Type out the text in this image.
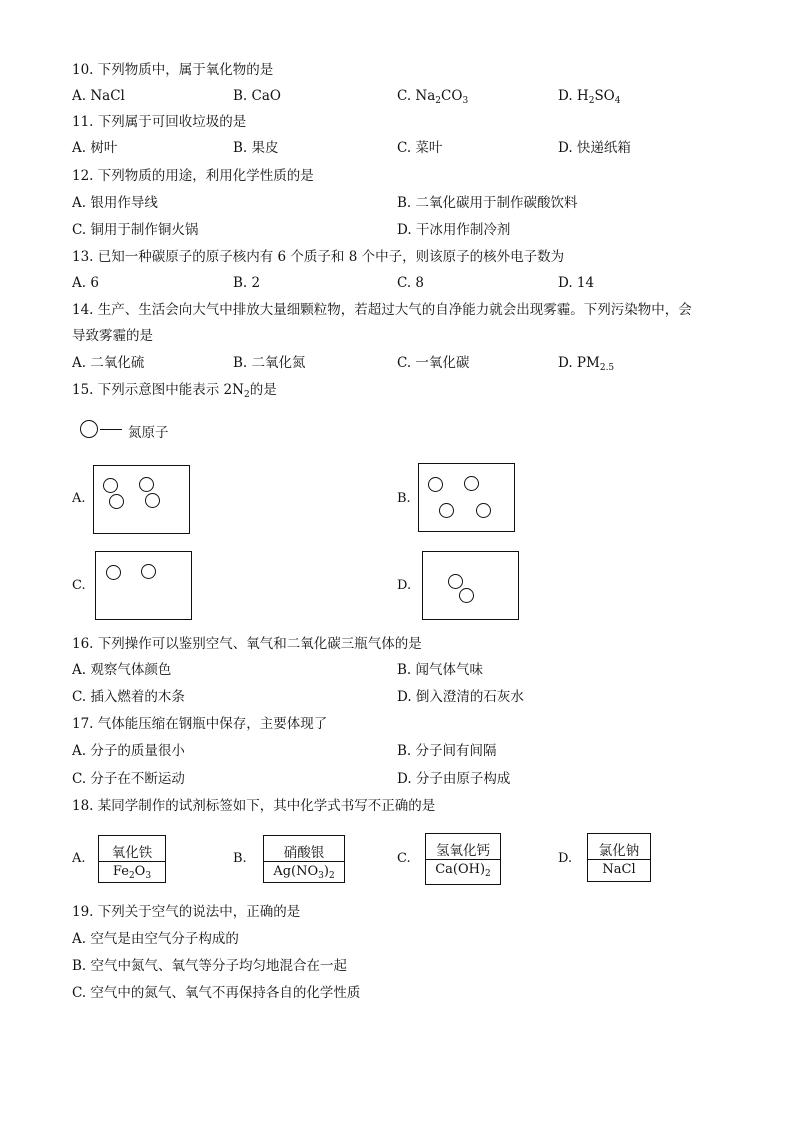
10. 下列物质中，属于氧化物的是
A. NaCl	B. CaO	C. $Na_2CO_3$	D. $H_2SO_4$
11. 下列属于可回收垃圾的是
A. 树叶	B. 果皮	C. 菜叶	D. 快递纸箱
12. 下列物质的用途，利用化学性质的是
A. 银用作导线	B. 二氧化碳用于制作碳酸饮料
C. 铜用于制作铜火锅	D. 干冰用作制冷剂
13. 已知一种碳原子的原子核内有 6 个质子和 8 个中子，则该原子的核外电子数为
A. 6	B. 2	C. 8	D. 14
14. 生产、生活会向大气中排放大量细颗粒物，若超过大气的自净能力就会出现雾霾。下列污染物中，会
导致雾霾的是
A. 二氧化硫	B. 二氧化氮	C. 一氧化碳	D. $PM_{2.5}$
15. 下列示意图中能表示 $2N_2$的是
氮原子
A.	B.
C.	D.
16. 下列操作可以鉴别空气、氧气和二氧化碳三瓶气体的是
A. 观察气体颜色	B. 闻气体气味
C. 插入燃着的木条	D. 倒入澄清的石灰水
17. 气体能压缩在钢瓶中保存，主要体现了
A. 分子的质量很小	B. 分子间有间隔
C. 分子在不断运动	D. 分子由原子构成
18. 某同学制作的试剂标签如下，其中化学式书写不正确的是
A.	氧化铁
$Fe_2O_3$
B.	硝酸银
$Ag(NO_3)_2$
C.	氢氧化钙
$Ca(OH)_2$
D.	氯化钠
NaCl
19. 下列关于空气的说法中，正确的是
A. 空气是由空气分子构成的
B. 空气中氮气、氧气等分子均匀地混合在一起
C. 空气中的氮气、氧气不再保持各自的化学性质
